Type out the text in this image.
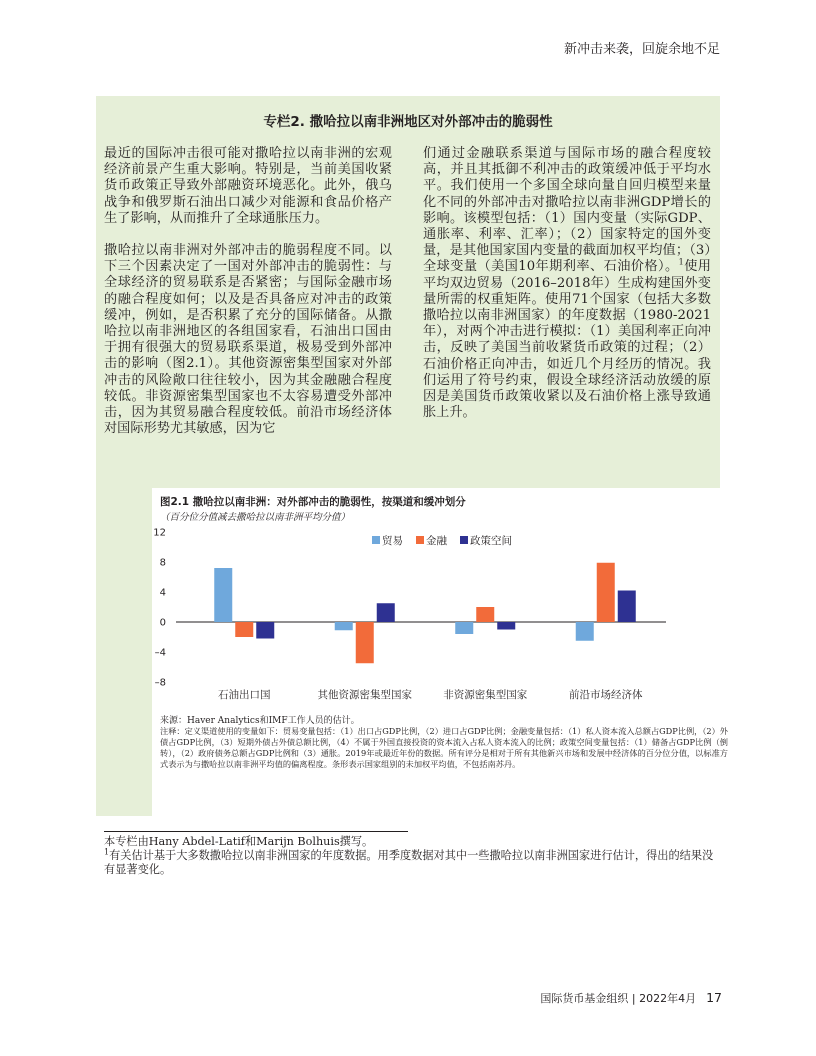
新冲击来袭，回旋余地不足
专栏2. 撒哈拉以南非洲地区对外部冲击的脆弱性

最近的国际冲击很可能对撒哈拉以南非洲的宏观经济前景产生重大影响。特别是，当前美国收紧货币政策正导致外部融资环境恶化。此外，俄乌战争和俄罗斯石油出口减少对能源和食品价格产生了影响，从而推升了全球通胀压力。

撒哈拉以南非洲对外部冲击的脆弱程度不同。以下三个因素决定了一国对外部冲击的脆弱性：与全球经济的贸易联系是否紧密；与国际金融市场的融合程度如何；以及是否具备应对冲击的政策缓冲，例如，是否积累了充分的国际储备。从撒哈拉以南非洲地区的各组国家看，石油出口国由于拥有很强大的贸易联系渠道，极易受到外部冲击的影响（图2.1）。其他资源密集型国家对外部冲击的风险敞口往往较小，因为其金融融合程度较低。非资源密集型国家也不太容易遭受外部冲击，因为其贸易融合程度较低。前沿市场经济体对国际形势尤其敏感，因为它

们通过金融联系渠道与国际市场的融合程度较高，并且其抵御不利冲击的政策缓冲低于平均水平。我们使用一个多国全球向量自回归模型来量化不同的外部冲击对撒哈拉以南非洲GDP增长的影响。该模型包括：（1）国内变量（实际GDP、通胀率、利率、汇率）；（2）国家特定的国外变量，是其他国家国内变量的截面加权平均值；（3）全球变量（美国10年期利率、石油价格）。$^1$使用平均双边贸易（2016–2018年）生成构建国外变量所需的权重矩阵。使用71个国家（包括大多数撒哈拉以南非洲国家）的年度数据（1980-2021年），对两个冲击进行模拟：（1）美国利率正向冲击，反映了美国当前收紧货币政策的过程；（2）石油价格正向冲击，如近几个月经历的情况。我们运用了符号约束，假设全球经济活动放缓的原因是美国货币政策收紧以及石油价格上涨导致通胀上升。

图2.1 撒哈拉以南非洲：对外部冲击的脆弱性，按渠道和缓冲划分
（百分位分值减去撒哈拉以南非洲平均分值）
12
8
4
0
–4
–8
石油出口国	其他资源密集型国家	非资源密集型国家	前沿市场经济体
贸易 金融 政策空间
来源：Haver Analytics和IMF工作人员的估计。
注释：定义渠道使用的变量如下：贸易变量包括：（1）出口占GDP比例，（2）进口占GDP比例；金融变量包括：（1）私人资本流入总额占GDP比例，（2）外债占GDP比例，（3）短期外债占外债总额比例，（4）不属于外国直接投资的资本流入占私人资本流入的比例；政策空间变量包括：（1）储备占GDP比例（倒转），（2）政府债务总额占GDP比例和（3）通胀。2019年或最近年份的数据。所有评分是相对于所有其他新兴市场和发展中经济体的百分位分值，以标准方式表示为与撒哈拉以南非洲平均值的偏离程度。条形表示国家组别的未加权平均值，不包括南苏丹。
本专栏由Hany Abdel-Latif和Marijn Bolhuis撰写。
$^1$有关估计基于大多数撒哈拉以南非洲国家的年度数据。用季度数据对其中一些撒哈拉以南非洲国家进行估计，得出的结果没有显著变化。
国际货币基金组织 | 2022年4月 17
